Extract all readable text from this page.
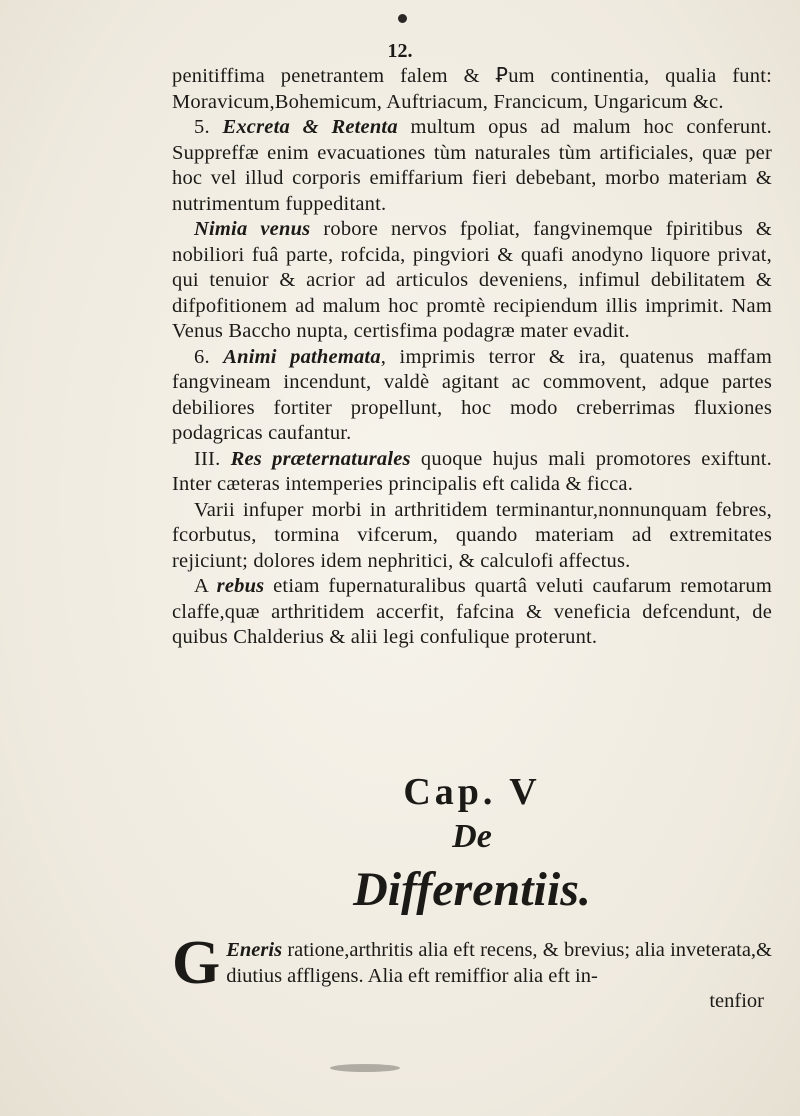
12.

penitiffima penetrantem falem & Ꝑum continentia, qualia funt: Moravicum,Bohemicum, Auftriacum, Francicum, Ungaricum &c.

5. Excreta & Retenta multum opus ad malum hoc conferunt. Suppreffæ enim evacuationes tùm naturales tùm artificiales, quæ per hoc vel illud corporis emiffarium fieri debebant, morbo materiam & nutrimentum fuppeditant.

Nimia venus robore nervos fpoliat, fangvinemque fpiritibus & nobiliori fuâ parte, rofcida, pingviori & quafi anodyno liquore privat, qui tenuior & acrior ad articulos deveniens, infimul debilitatem & difpofitionem ad malum hoc promtè recipiendum illis imprimit. Nam Venus Baccho nupta, certisfima podagræ mater evadit.

6. Animi pathemata, imprimis terror & ira, quatenus maffam fangvineam incendunt, valdè agitant ac commovent, adque partes debiliores fortiter propellunt, hoc modo creberrimas fluxiones podagricas caufantur.

III. Res præternaturales quoque hujus mali promotores exiftunt. Inter cæteras intemperies principalis eft calida & ficca.

Varii infuper morbi in arthritidem terminantur,nonnunquam febres, fcorbutus, tormina vifcerum, quando materiam ad extremitates rejiciunt; dolores idem nephritici, & calculofi affectus.

A rebus etiam fupernaturalibus quartâ veluti caufarum remotarum claffe,quæ arthritidem accerfit, fafcina & veneficia defcendunt, de quibus Chalderius & alii legi confulique proterunt.

Cap. V
De
Differentiis.
G Eneris ratione,arthritis alia eft recens, & brevius; alia inveterata,& diutius affligens. Alia eft remiffior alia eft in-
tenfior
